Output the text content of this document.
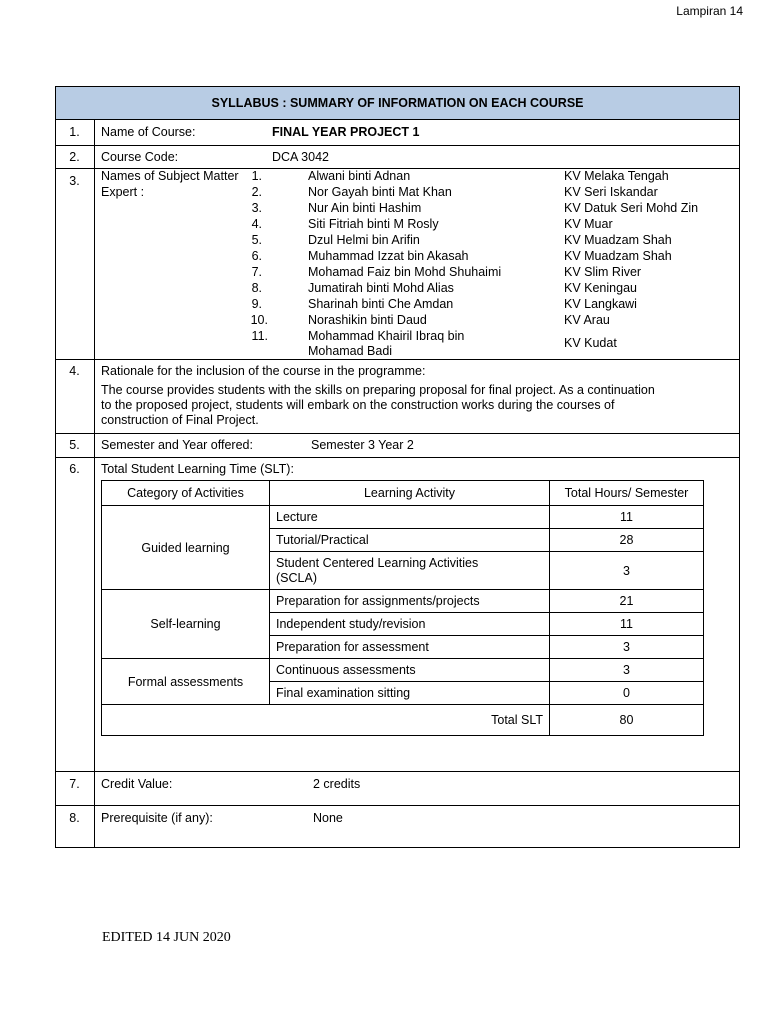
Lampiran 14
SYLLABUS : SUMMARY OF INFORMATION ON EACH COURSE
1.	Name of Course:	FINAL YEAR PROJECT 1
2.	Course Code:	DCA 3042
3.	Names of Subject Matter
Expert :
1.	Alwani binti Adnan	KV Melaka Tengah
2.	Nor Gayah binti Mat Khan	KV Seri Iskandar
3.	Nur Ain binti Hashim	KV Datuk Seri Mohd Zin
4.	Siti Fitriah binti M Rosly	KV Muar
5.	Dzul Helmi bin Arifin	KV Muadzam Shah
6.	Muhammad Izzat bin Akasah	KV Muadzam Shah
7.	Mohamad Faiz bin Mohd Shuhaimi	KV Slim River
8.	Jumatirah binti Mohd Alias	KV Keningau
9.	Sharinah binti Che Amdan	KV Langkawi
10.	Norashikin binti Daud	KV Arau
11.	Mohammad Khairil Ibraq bin
Mohamad Badi
KV Kudat
4.	Rationale for the inclusion of the course in the programme:
The course provides students with the skills on preparing proposal for final project. As a continuation
to the proposed project, students will embark on the construction works during the courses of
construction of Final Project.
5.	Semester and Year offered:	Semester 3 Year 2
6.	Total Student Learning Time (SLT):
Category of Activities	Learning Activity	Total Hours/ Semester
Guided learning	Lecture	11
	Tutorial/Practical	28
	Student Centered Learning Activities
(SCLA)	3
Self-learning	Preparation for assignments/projects	21
	Independent study/revision	11
	Preparation for assessment	3
Formal assessments	Continuous assessments	3
	Final examination sitting	0
Total SLT		80
7.	Credit Value:	2 credits
8.	Prerequisite (if any):	None
EDITED 14 JUN 2020
